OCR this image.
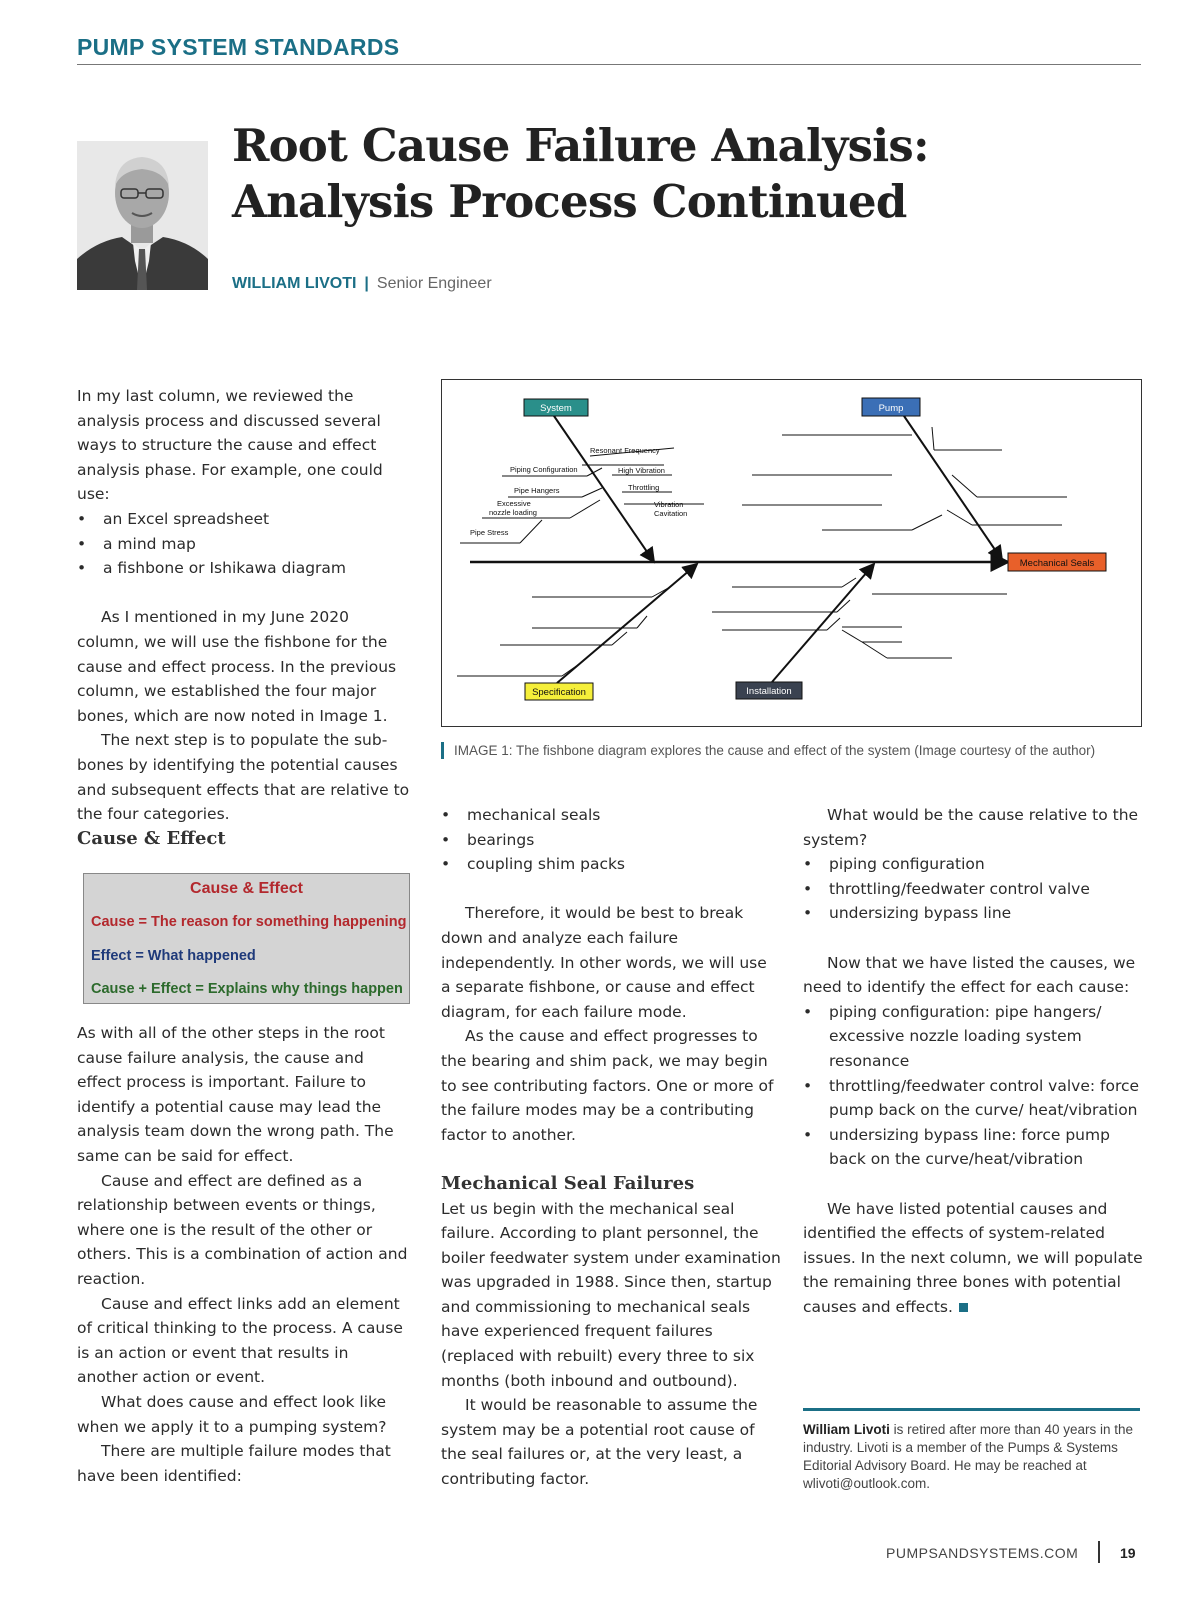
PUMP SYSTEM STANDARDS
Root Cause Failure Analysis:
Analysis Process Continued
WILLIAM LIVOTI | Senior Engineer

In my last column, we reviewed the analysis process and discussed several ways to structure the cause and effect analysis phase. For example, one could use:

• an Excel spreadsheet
• a mind map
• a fishbone or Ishikawa diagram

As I mentioned in my June 2020 column, we will use the fishbone for the cause and effect process. In the previous column, we established the four major bones, which are now noted in Image 1.

The next step is to populate the sub-bones by identifying the potential causes and subsequent effects that are relative to the four categories.

Cause & Effect
Cause & Effect
Cause = The reason for something happening
Effect = What happened
Cause + Effect = Explains why things happen

As with all of the other steps in the root cause failure analysis, the cause and effect process is important. Failure to identify a potential cause may lead the analysis team down the wrong path. The same can be said for effect.

Cause and effect are defined as a relationship between events or things, where one is the result of the other or others. This is a combination of action and reaction.

Cause and effect links add an element of critical thinking to the process. A cause is an action or event that results in another action or event.

What does cause and effect look like when we apply it to a pumping system?

There are multiple failure modes that have been identified:

System	Pump
Specification	Installation
Mechanical Seals
Resonant Frequency
Piping Configuration	High Vibration
Pipe Hangers	Throttling
Excessive
nozzle loading
Vibration
Cavitation
Pipe Stress
IMAGE 1: The fishbone diagram explores the cause and effect of the system (Image courtesy of the author)
• mechanical seals
• bearings
• coupling shim packs

Therefore, it would be best to break down and analyze each failure independently. In other words, we will use a separate fishbone, or cause and effect diagram, for each failure mode.

As the cause and effect progresses to the bearing and shim pack, we may begin to see contributing factors. One or more of the failure modes may be a contributing factor to another.

Mechanical Seal Failures

Let us begin with the mechanical seal failure. According to plant personnel, the boiler feedwater system under examination was upgraded in 1988. Since then, startup and commissioning to mechanical seals have experienced frequent failures (replaced with rebuilt) every three to six months (both inbound and outbound).

It would be reasonable to assume the system may be a potential root cause of the seal failures or, at the very least, a contributing factor.

What would be the cause relative to the system?

• piping configuration
• throttling/feedwater control valve
• undersizing bypass line

Now that we have listed the causes, we need to identify the effect for each cause:

• piping configuration: pipe hangers/ excessive nozzle loading system resonance
• throttling/feedwater control valve: force pump back on the curve/ heat/vibration
• undersizing bypass line: force pump back on the curve/heat/vibration

We have listed potential causes and identified the effects of system-related issues. In the next column, we will populate the remaining three bones with potential causes and effects.

William Livoti is retired after more than 40 years in the industry. Livoti is a member of the Pumps & Systems Editorial Advisory Board. He may be reached at wlivoti@outlook.com.
PUMPSANDSYSTEMS.COM	19
